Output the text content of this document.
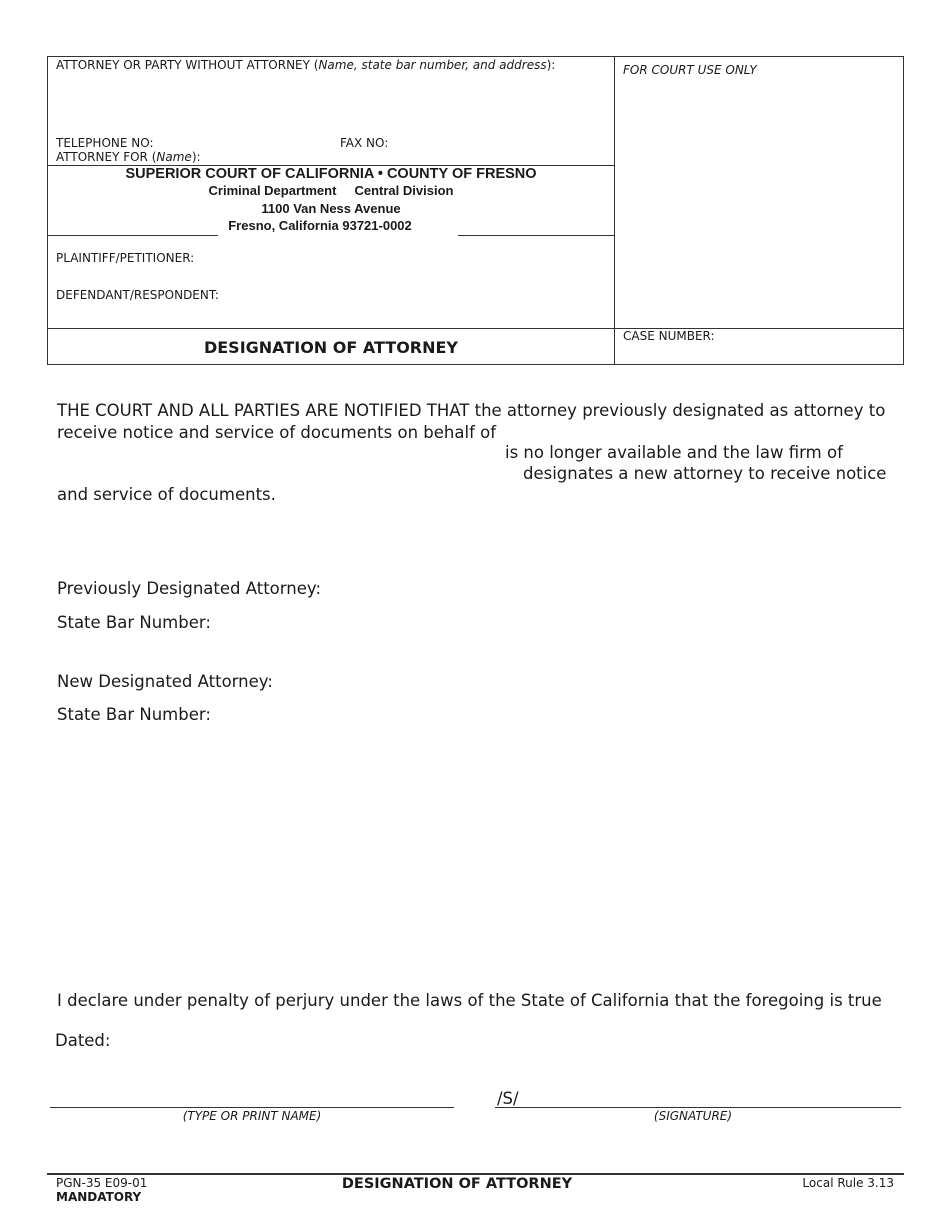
ATTORNEY OR PARTY WITHOUT ATTORNEY (Name, state bar number, and address):	FOR COURT USE ONLY
TELEPHONE NO:	FAX NO:
ATTORNEY FOR (Name):
SUPERIOR COURT OF CALIFORNIA • COUNTY OF FRESNO
Criminal Department Central Division
1100 Van Ness Avenue
Fresno, California 93721-0002
PLAINTIFF/PETITIONER:
DEFENDANT/RESPONDENT:
DESIGNATION OF ATTORNEY
CASE NUMBER:
THE COURT AND ALL PARTIES ARE NOTIFIED THAT the attorney previously designated as attorney to
receive notice and service of documents on behalf of
is no longer available and the law firm of
designates a new attorney to receive notice
and service of documents.
Previously Designated Attorney:
State Bar Number:
New Designated Attorney:
State Bar Number:
I declare under penalty of perjury under the laws of the State of California that the foregoing is true
Dated:
/S/
(TYPE OR PRINT NAME)	(SIGNATURE)
PGN-35 E09-01
MANDATORY
DESIGNATION OF ATTORNEY	Local Rule 3.13
